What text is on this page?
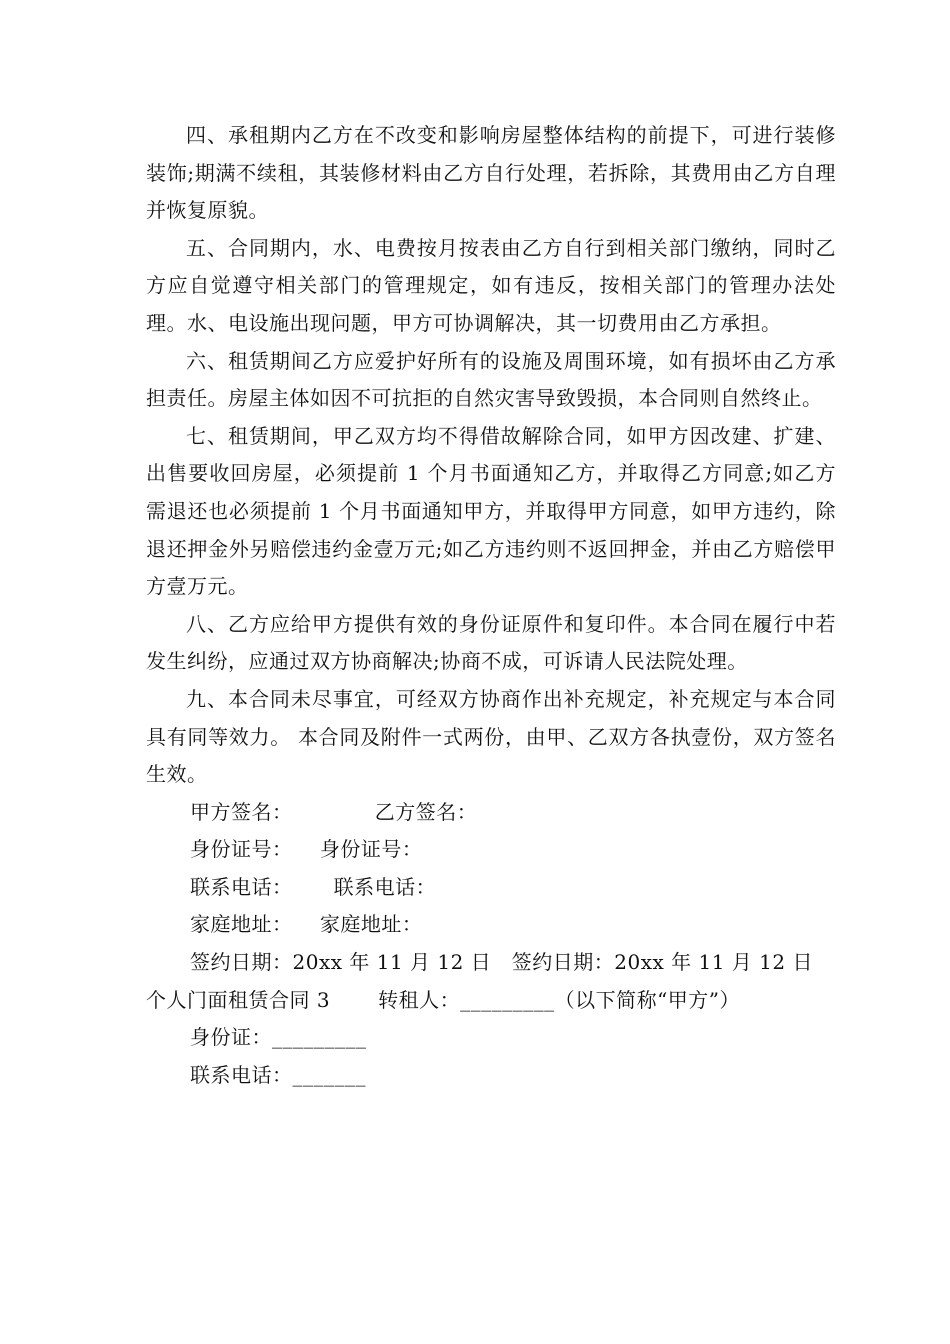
四、承租期内乙方在不改变和影响房屋整体结构的前提下，可进行装修装饰;期满不续租，其装修材料由乙方自行处理，若拆除，其费用由乙方自理并恢复原貌。

五、合同期内，水、电费按月按表由乙方自行到相关部门缴纳，同时乙方应自觉遵守相关部门的管理规定，如有违反，按相关部门的管理办法处理。水、电设施出现问题，甲方可协调解决，其一切费用由乙方承担。

六、租赁期间乙方应爱护好所有的设施及周围环境，如有损坏由乙方承担责任。房屋主体如因不可抗拒的自然灾害导致毁损，本合同则自然终止。

七、租赁期间，甲乙双方均不得借故解除合同，如甲方因改建、扩建、出售要收回房屋，必须提前 1 个月书面通知乙方，并取得乙方同意;如乙方需退还也必须提前 1 个月书面通知甲方，并取得甲方同意，如甲方违约，除退还押金外另赔偿违约金壹万元;如乙方违约则不返回押金，并由乙方赔偿甲方壹万元。

八、乙方应给甲方提供有效的身份证原件和复印件。本合同在履行中若发生纠纷，应通过双方协商解决;协商不成，可诉请人民法院处理。

九、本合同未尽事宜，可经双方协商作出补充规定，补充规定与本合同具有同等效力。 本合同及附件一式两份，由甲、乙双方各执壹份，双方签名生效。

甲方签名：            乙方签名：

身份证号：    身份证号：

联系电话：      联系电话：

家庭地址：    家庭地址：

签约日期：20xx 年 11 月 12 日   签约日期：20xx 年 11 月 12 日

个人门面租赁合同 3       转租人：_________（以下简称“甲方”）

身份证：_________

联系电话：_______
